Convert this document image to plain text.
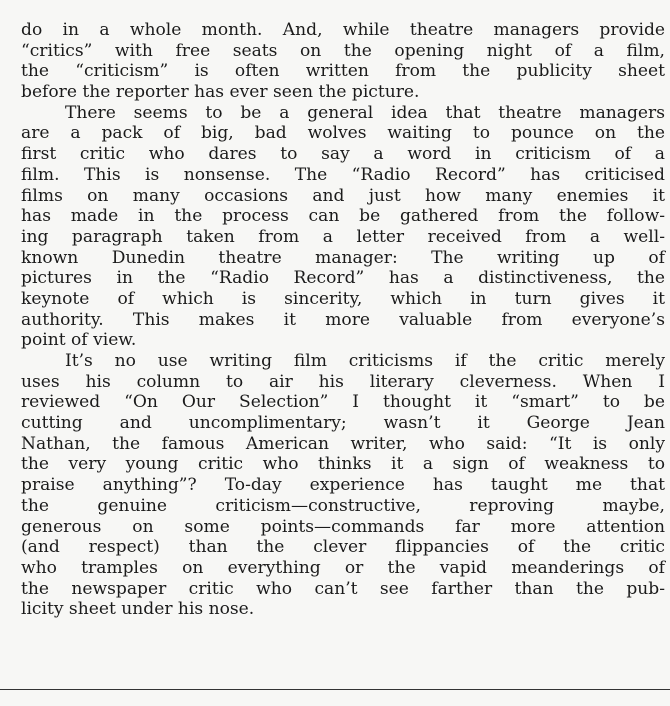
do in a whole month. And, while theatre managers provide
“critics” with free seats on the opening night of a film,
the “criticism” is often written from the publicity sheet
before the reporter has ever seen the picture.
There seems to be a general idea that theatre managers
are a pack of big, bad wolves waiting to pounce on the
first critic who dares to say a word in criticism of a
film. This is nonsense. The “Radio Record” has criticised
films on many occasions and just how many enemies it
has made in the process can be gathered from the follow-
ing paragraph taken from a letter received from a well-
known Dunedin theatre manager: The writing up of
pictures in the “Radio Record” has a distinctiveness, the
keynote of which is sincerity, which in turn gives it
authority. This makes it more valuable from everyone’s
point of view.
It’s no use writing film criticisms if the critic merely
uses his column to air his literary cleverness. When I
reviewed “On Our Selection” I thought it “smart” to be
cutting and uncomplimentary; wasn’t it George Jean
Nathan, the famous American writer, who said: “It is only
the very young critic who thinks it a sign of weakness to
praise anything”? To-day experience has taught me that
the genuine criticism—constructive, reproving maybe,
generous on some points—commands far more attention
(and respect) than the clever flippancies of the critic
who tramples on everything or the vapid meanderings of
the newspaper critic who can’t see farther than the pub-
licity sheet under his nose.
